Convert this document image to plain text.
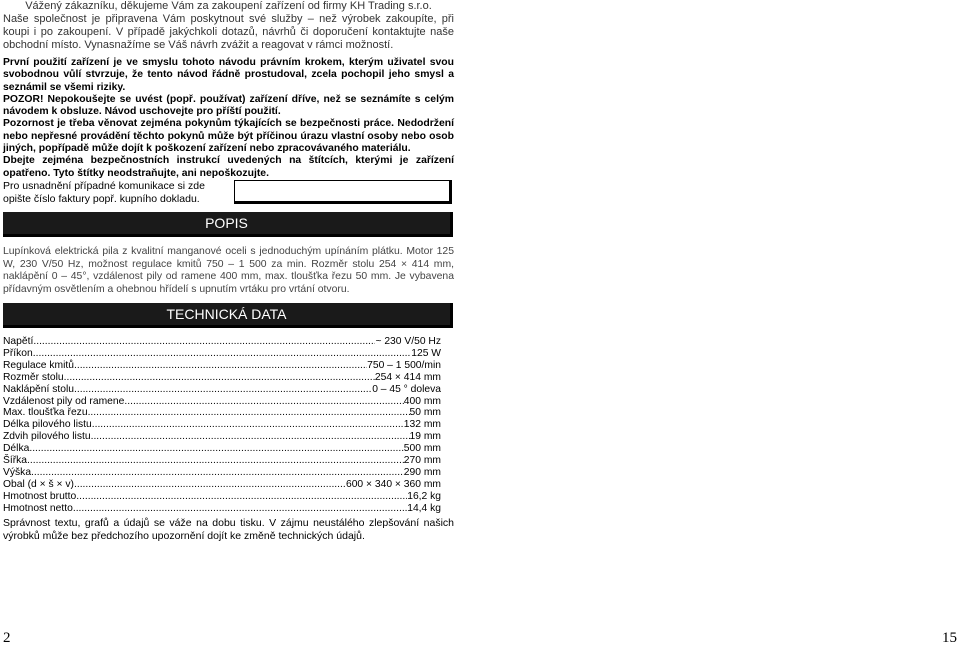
Vážený zákazníku, děkujeme Vám za zakoupení zařízení od firmy KH Trading s.r.o.
Naše společnost je připravena Vám poskytnout své služby – než výrobek zakoupíte, při koupi i po zakoupení. V případě jakýchkoli dotazů, návrhů či doporučení kontaktujte naše obchodní místo. Vynasnažíme se Váš návrh zvážit a reagovat v rámci možností.
První použití zařízení je ve smyslu tohoto návodu právním krokem, kterým uživatel svou svobodnou vůlí stvrzuje, že tento návod řádně prostudoval, zcela pochopil jeho smysl a seznámil se všemi riziky.
POZOR! Nepokoušejte se uvést (popř. používat) zařízení dříve, než se seznámíte s celým návodem k obsluze. Návod uschovejte pro příští použití.
Pozornost je třeba věnovat zejména pokynům týkajících se bezpečnosti práce. Nedodržení nebo nepřesné provádění těchto pokynů může být příčinou úrazu vlastní osoby nebo osob jiných, popřípadě může dojít k poškození zařízení nebo zpracovávaného materiálu.
Dbejte zejména bezpečnostních instrukcí uvedených na štítcích, kterými je zařízení opatřeno. Tyto štítky neodstraňujte, ani nepoškozujte.
Pro usnadnění případné komunikace si zde opište číslo faktury popř. kupního dokladu.
POPIS
Lupínková elektrická pila z kvalitní manganové oceli s jednoduchým upínáním plátku. Motor 125 W, 230 V/50 Hz, možnost regulace kmitů 750 – 1 500 za min. Rozměr stolu 254 × 414 mm, naklápění 0 – 45°, vzdálenost pily od ramene 400 mm, max. tloušťka řezu 50 mm. Je vybavena přídavným osvětlením a ohebnou hřídelí s upnutím vrtáku pro vrtání otvoru.
TECHNICKÁ DATA
Napětí .....	~ 230 V/50 Hz
Příkon .....	125 W
Regulace kmitů .....	750 – 1 500/min
Rozměr stolu .....	254 × 414 mm
Naklápění stolu .....	0 – 45 ° doleva
Vzdálenost pily od ramene .....	400 mm
Max. tloušťka řezu .....	50 mm
Délka pilového listu .....	132 mm
Zdvih pilového listu .....	19 mm
Délka .....	500 mm
Šířka .....	270 mm
Výška .....	290 mm
Obal (d × š × v) .....	600 × 340 × 360 mm
Hmotnost brutto .....	16,2 kg
Hmotnost netto .....	14,4 kg
Správnost textu, grafů a údajů se váže na dobu tisku. V zájmu neustálého zlepšování našich výrobků může bez předchozího upozornění dojít ke změně technických údajů.
2	15
